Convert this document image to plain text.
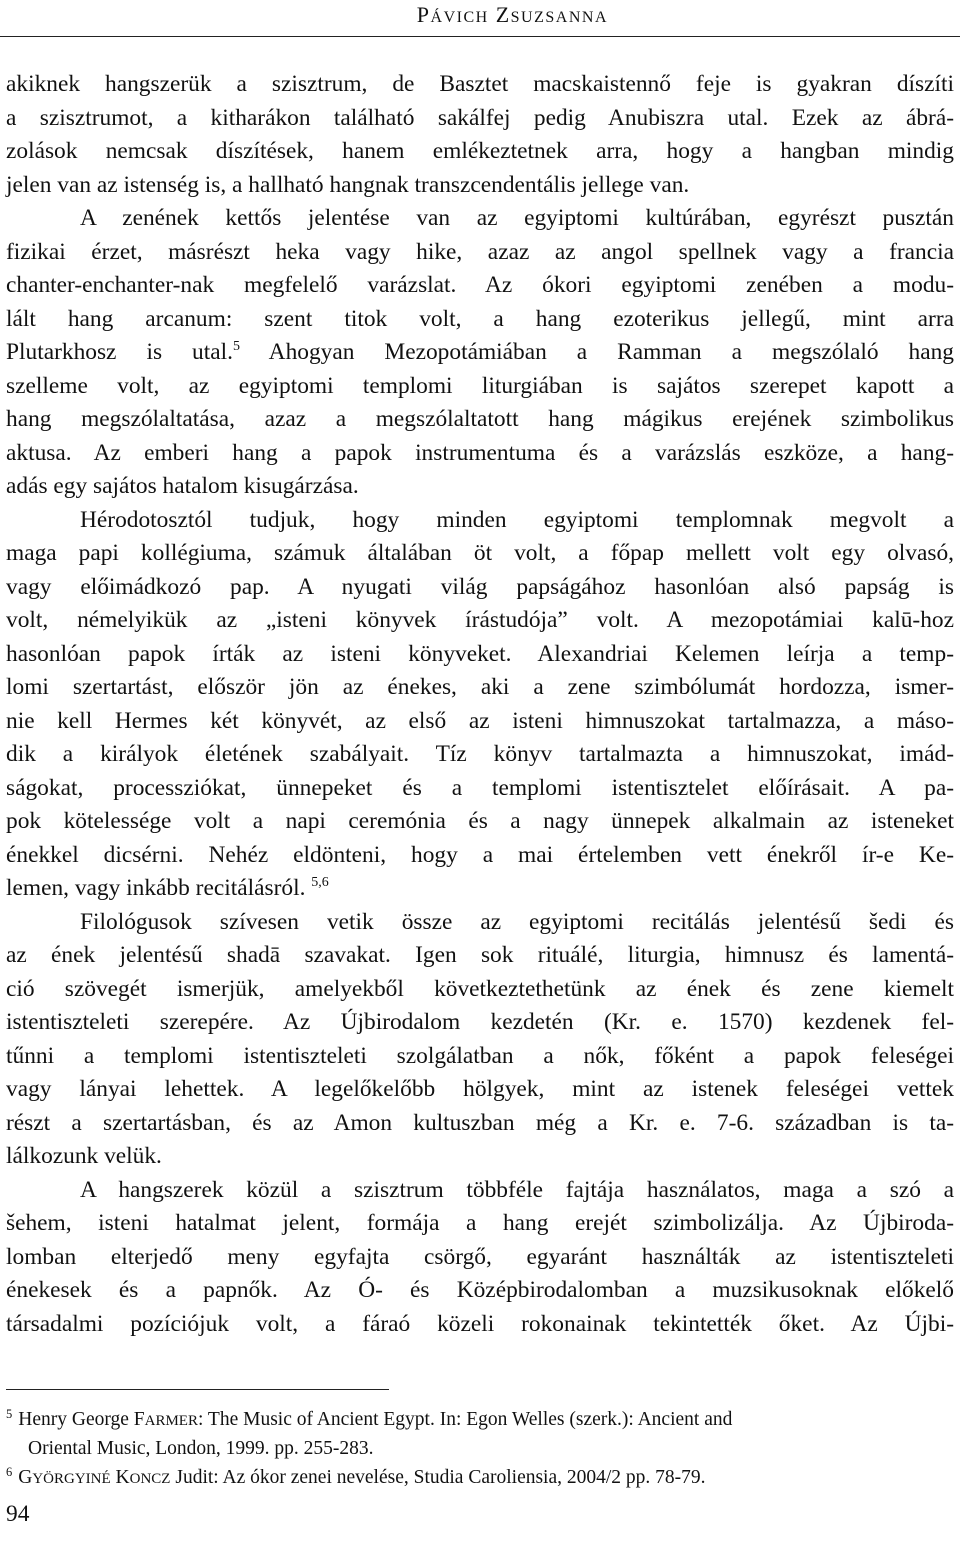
PÁVICH ZSUZSANNA
akiknek hangszerük a szisztrum, de Basztet macskaistennő feje is gyakran díszíti
a szisztrumot, a kitharákon található sakálfej pedig Anubiszra utal. Ezek az ábrá-
zolások nemcsak díszítések, hanem emlékeztetnek arra, hogy a hangban mindig
jelen van az istenség is, a hallható hangnak transzcendentális jellege van.
A zenének kettős jelentése van az egyiptomi kultúrában, egyrészt pusztán
fizikai érzet, másrészt heka vagy hike, azaz az angol spellnek vagy a francia
chanter-enchanter-nak megfelelő varázslat. Az ókori egyiptomi zenében a modu-
lált hang arcanum: szent titok volt, a hang ezoterikus jellegű, mint arra
Plutarkhosz is utal.$^5$ Ahogyan Mezopotámiában a Ramman a megszólaló hang
szelleme volt, az egyiptomi templomi liturgiában is sajátos szerepet kapott a
hang megszólaltatása, azaz a megszólaltatott hang mágikus erejének szimbolikus
aktusa. Az emberi hang a papok instrumentuma és a varázslás eszköze, a hang-
adás egy sajátos hatalom kisugárzása.
Hérodotosztól tudjuk, hogy minden egyiptomi templomnak megvolt a
maga papi kollégiuma, számuk általában öt volt, a főpap mellett volt egy olvasó,
vagy előimádkozó pap. A nyugati világ papságához hasonlóan alsó papság is
volt, némelyikük az „isteni könyvek írástudója” volt. A mezopotámiai kalū-hoz
hasonlóan papok írták az isteni könyveket. Alexandriai Kelemen leírja a temp-
lomi szertartást, először jön az énekes, aki a zene szimbólumát hordozza, ismer-
nie kell Hermes két könyvét, az első az isteni himnuszokat tartalmazza, a máso-
dik a királyok életének szabályait. Tíz könyv tartalmazta a himnuszokat, imád-
ságokat, processziókat, ünnepeket és a templomi istentisztelet előírásait. A pa-
pok kötelessége volt a napi ceremónia és a nagy ünnepek alkalmain az isteneket
énekkel dicsérni. Nehéz eldönteni, hogy a mai értelemben vett énekről ír-e Ke-
lemen, vagy inkább recitálásról. $^{5,6}$
Filológusok szívesen vetik össze az egyiptomi recitálás jelentésű šedi és
az ének jelentésű shadā szavakat. Igen sok rituálé, liturgia, himnusz és lamentá-
ció szövegét ismerjük, amelyekből következtethetünk az ének és zene kiemelt
istentiszteleti szerepére. Az Újbirodalom kezdetén (Kr. e. 1570) kezdenek fel-
tűnni a templomi istentiszteleti szolgálatban a nők, főként a papok feleségei
vagy lányai lehettek. A legelőkelőbb hölgyek, mint az istenek feleségei vettek
részt a szertartásban, és az Amon kultuszban még a Kr. e. 7-6. században is ta-
lálkozunk velük.
A hangszerek közül a szisztrum többféle fajtája használatos, maga a szó a
šehem, isteni hatalmat jelent, formája a hang erejét szimbolizálja. Az Újbiroda-
lomban elterjedő meny egyfajta csörgő, egyaránt használták az istentiszteleti
énekesek és a papnők. Az Ó- és Középbirodalomban a muzsikusoknak előkelő
társadalmi pozíciójuk volt, a fáraó közeli rokonainak tekintették őket. Az Újbi-
$^5$ Henry George FARMER: The Music of Ancient Egypt. In: Egon Welles (szerk.): Ancient and
Oriental Music, London, 1999. pp. 255-283.
$^6$ GYÖRGYINÉ KONCZ Judit: Az ókor zenei nevelése, Studia Caroliensia, 2004/2 pp. 78-79.
94
